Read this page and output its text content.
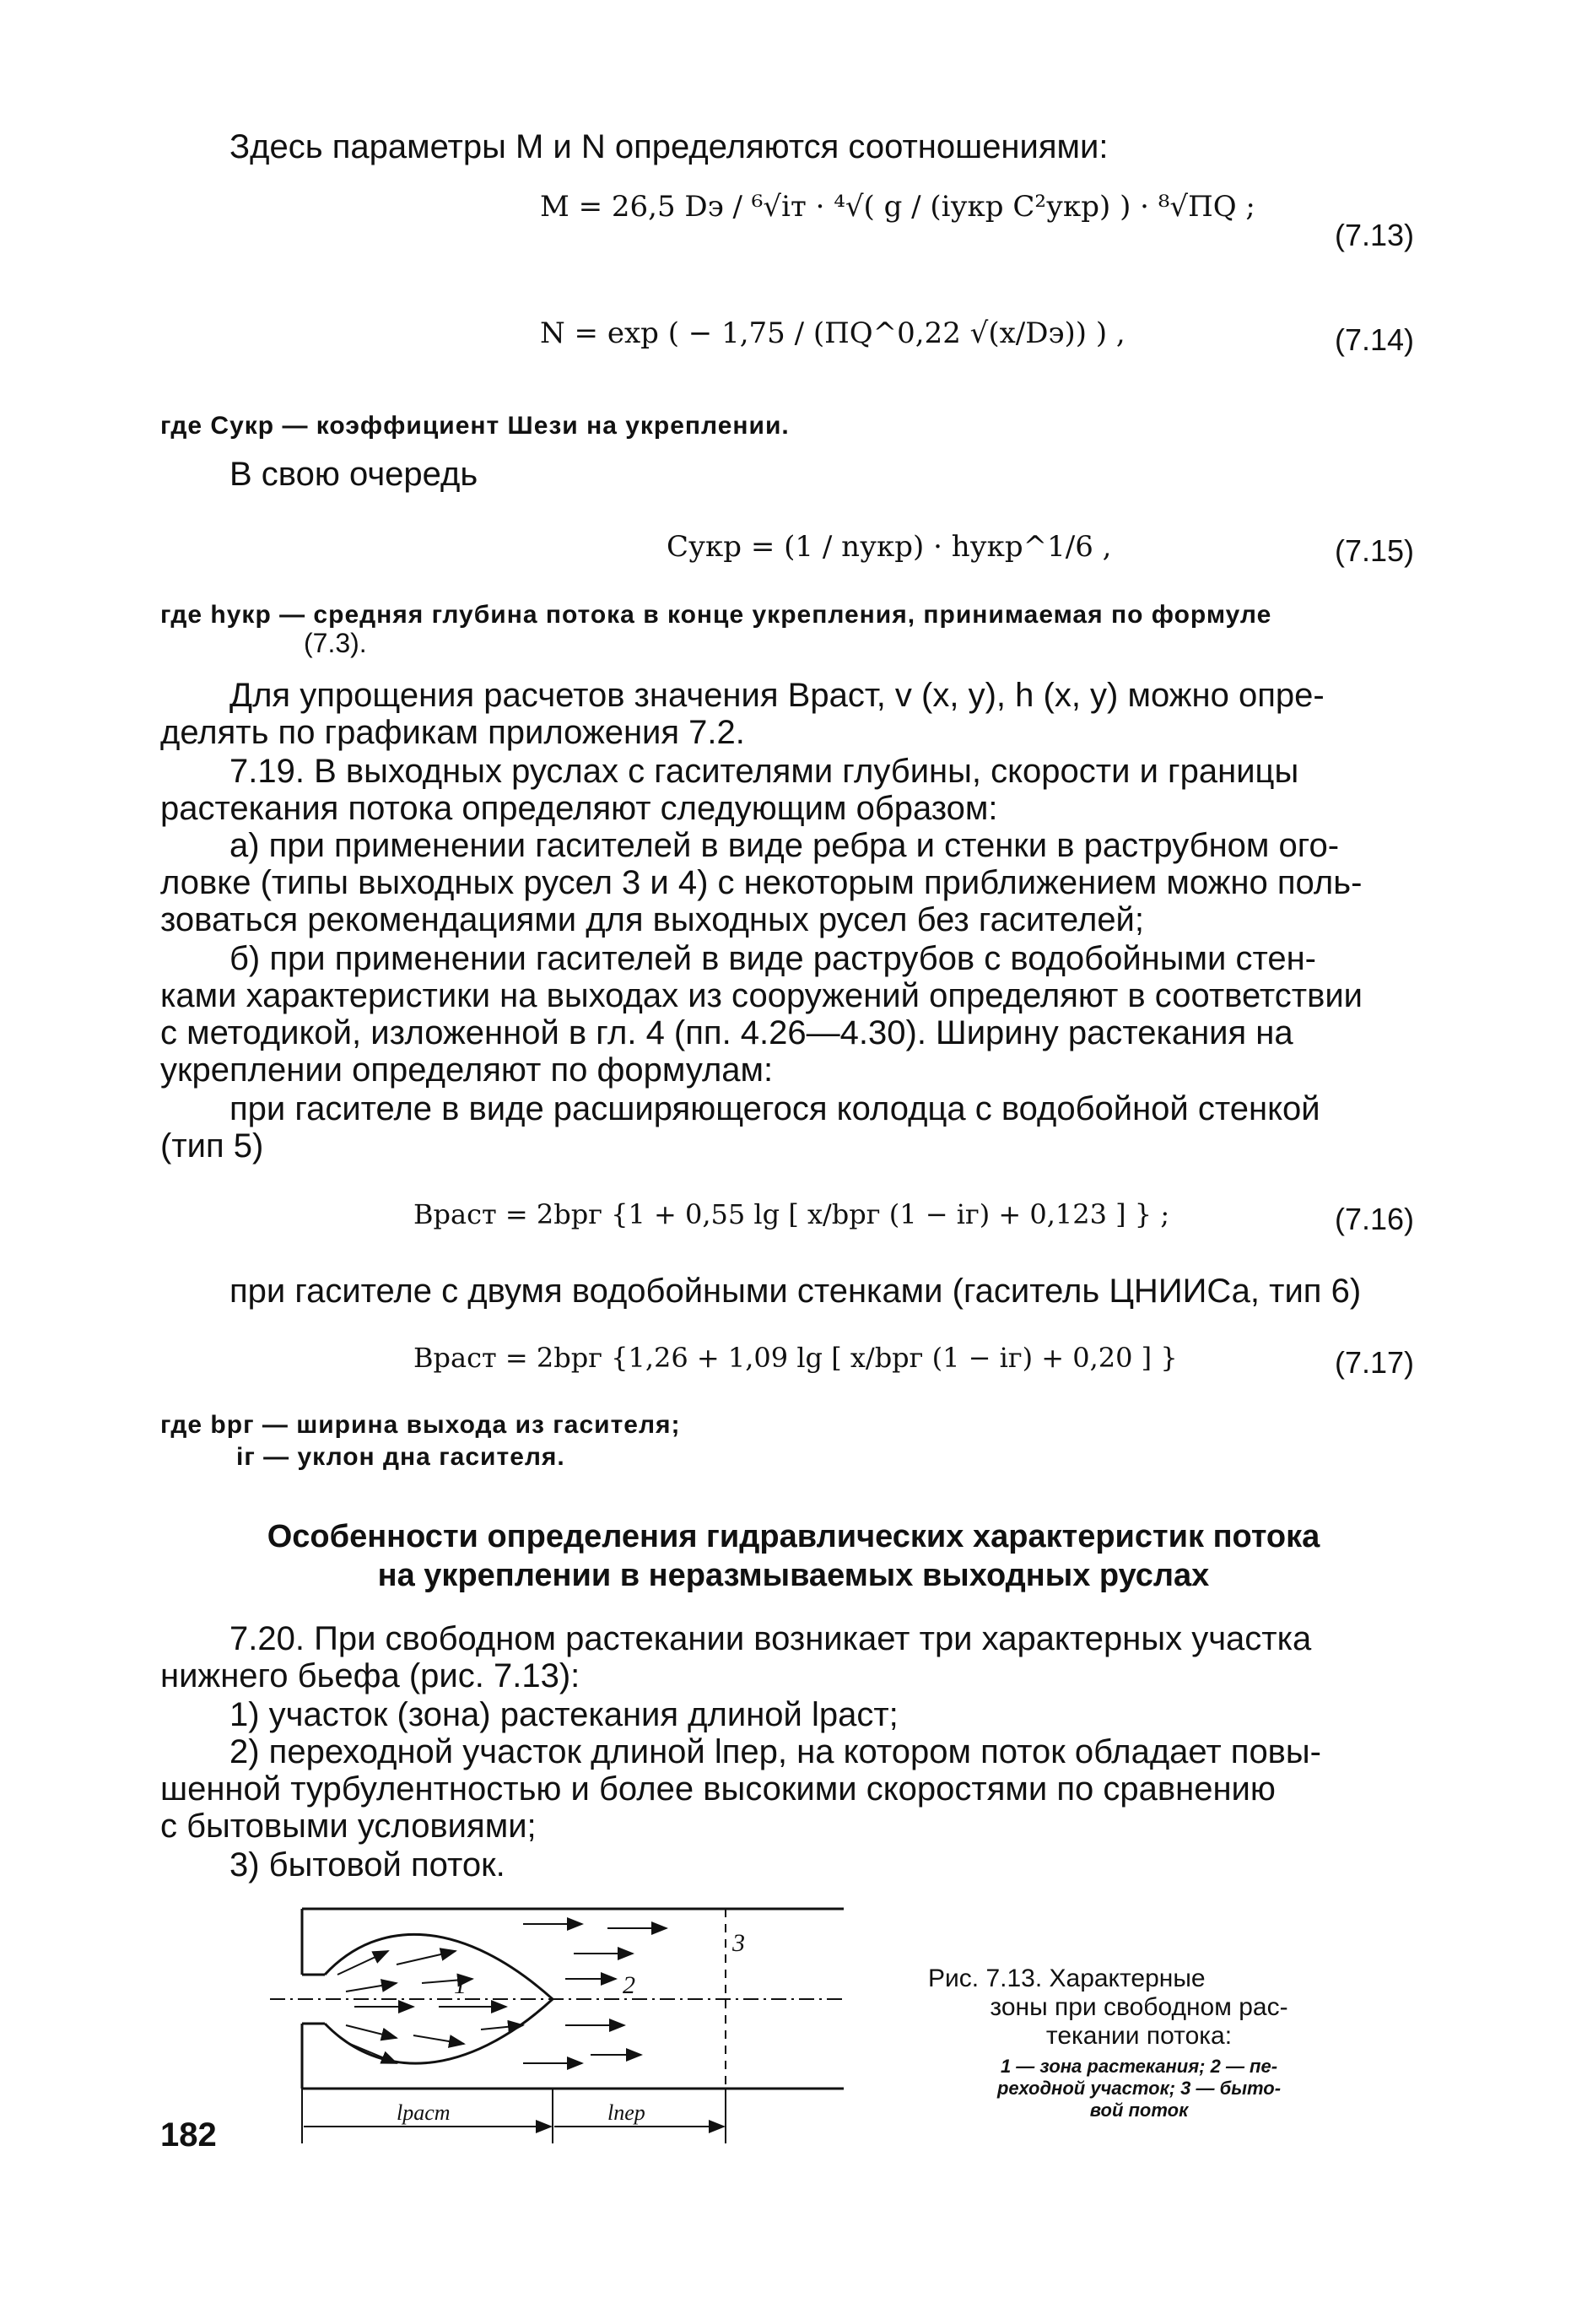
Здесь параметры M и N определяются соотношениями:
M = 26,5 Dэ / ⁶√iт · ⁴√( g / (iукр C²укр) ) · ⁸√ПQ ;
(7.13)
N = exp ( − 1,75 / (ПQ^0,22 √(x/Dэ)) ) ,	(7.14)
где Cукр — коэффициент Шези на укреплении.
В свою очередь
Cукр = (1 / nукр) · hукр^1/6 ,	(7.15)
где hукр — средняя глубина потока в конце укрепления, принимаемая по формуле
(7.3).
Для упрощения расчетов значения Bраст, v (x, y), h (x, y) можно опре-
делять по графикам приложения 7.2.
7.19. В выходных руслах с гасителями глубины, скорости и границы
растекания потока определяют следующим образом:
а) при применении гасителей в виде ребра и стенки в раструбном ого-
ловке (типы выходных русел 3 и 4) с некоторым приближением можно поль-
зоваться рекомендациями для выходных русел без гасителей;
б) при применении гасителей в виде раструбов с водобойными стен-
ками характеристики на выходах из сооружений определяют в соответствии
с методикой, изложенной в гл. 4 (пп. 4.26—4.30). Ширину растекания на
укреплении определяют по формулам:
при гасителе в виде расширяющегося колодца с водобойной стенкой
(тип 5)
Bраст = 2bрг {1 + 0,55 lg [ x/bрг (1 − iг) + 0,123 ] } ;	(7.16)
при гасителе с двумя водобойными стенками (гаситель ЦНИИСа, тип 6)
Bраст = 2bрг {1,26 + 1,09 lg [ x/bрг (1 − iг) + 0,20 ] }	(7.17)
где bрг — ширина выхода из гасителя;
iг — уклон дна гасителя.
Особенности определения гидравлических характеристик потока
на укреплении в неразмываемых выходных руслах
7.20. При свободном растекании возникает три характерных участка
нижнего бьефа (рис. 7.13):
1) участок (зона) растекания длиной lраст;
2) переходной участок длиной lпер, на котором поток обладает повы-
шенной турбулентностью и более высокими скоростями по сравнению
с бытовыми условиями;
3) бытовой поток.
1	2
3
lраст	lпер
Рис. 7.13. Характерные
зоны при свободном рас-
текании потока:
1 — зона растекания; 2 — пе-
реходной участок; 3 — быто-
вой поток
182
